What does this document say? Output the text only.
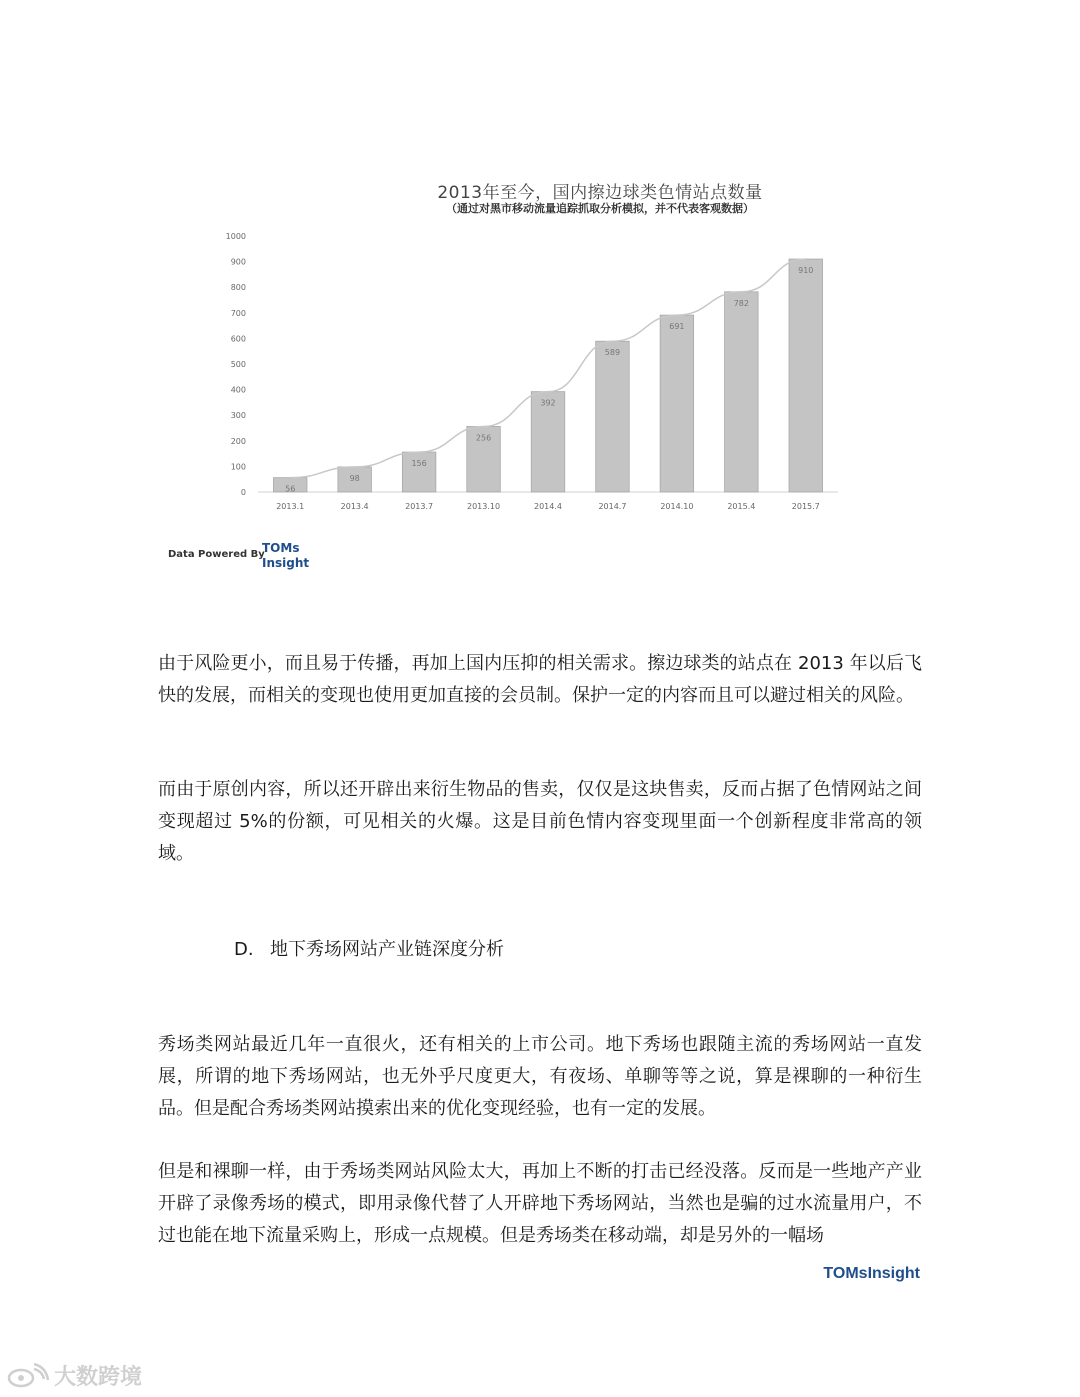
2013年至今，国内擦边球类色情站点数量
（通过对黑市移动流量追踪抓取分析模拟，并不代表客观数据）
0
100
200
300
400
500
600
700
800
900
1000
56
2013.1
98
2013.4
156
2013.7
256
2013.10
392
2014.4
589
2014.7
691
2014.10
782
2015.4
910
2015.7
Data Powered By
TOMs
Insight
由于风险更小，而且易于传播，再加上国内压抑的相关需求。擦边球类的站点在 2013 年以后飞快的发展，而相关的变现也使用更加直接的会员制。保护一定的内容而且可以避过相关的风险。
而由于原创内容，所以还开辟出来衍生物品的售卖，仅仅是这块售卖，反而占据了色情网站之间变现超过 5%的份额，可见相关的火爆。这是目前色情内容变现里面一个创新程度非常高的领域。
D. 地下秀场网站产业链深度分析
秀场类网站最近几年一直很火，还有相关的上市公司。地下秀场也跟随主流的秀场网站一直发展，所谓的地下秀场网站，也无外乎尺度更大，有夜场、单聊等等之说，算是裸聊的一种衍生品。但是配合秀场类网站摸索出来的优化变现经验，也有一定的发展。
但是和裸聊一样，由于秀场类网站风险太大，再加上不断的打击已经没落。反而是一些地产产业开辟了录像秀场的模式，即用录像代替了人开辟地下秀场网站，当然也是骗的过水流量用户，不过也能在地下流量采购上，形成一点规模。但是秀场类在移动端，却是另外的一幅场
TOMsInsight
大数跨境
